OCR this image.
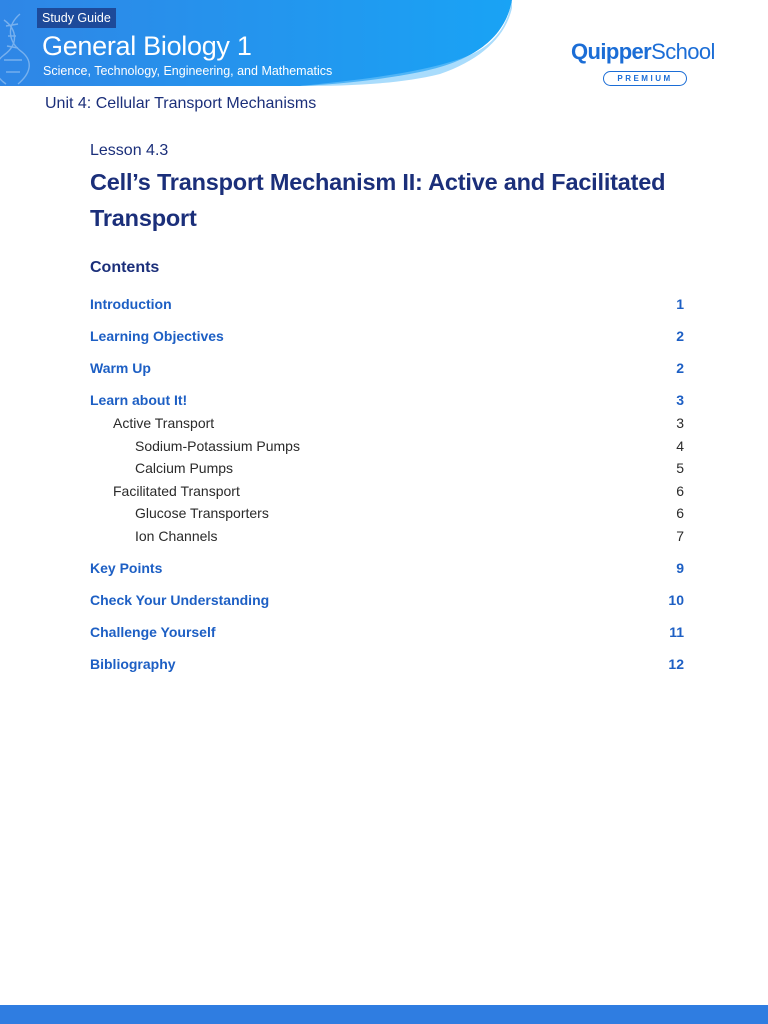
Study Guide
General Biology 1
Science, Technology, Engineering, and Mathematics
QuipperSchool
PREMIUM
Unit 4: Cellular Transport Mechanisms
Lesson 4.3
Cell’s Transport Mechanism II: Active and Facilitated Transport
Contents
Introduction	1
Learning Objectives	2
Warm Up	2
Learn about It!	3
Active Transport	3
Sodium-Potassium Pumps	4
Calcium Pumps	5
Facilitated Transport	6
Glucose Transporters	6
Ion Channels	7
Key Points	9
Check Your Understanding	10
Challenge Yourself	11
Bibliography	12
